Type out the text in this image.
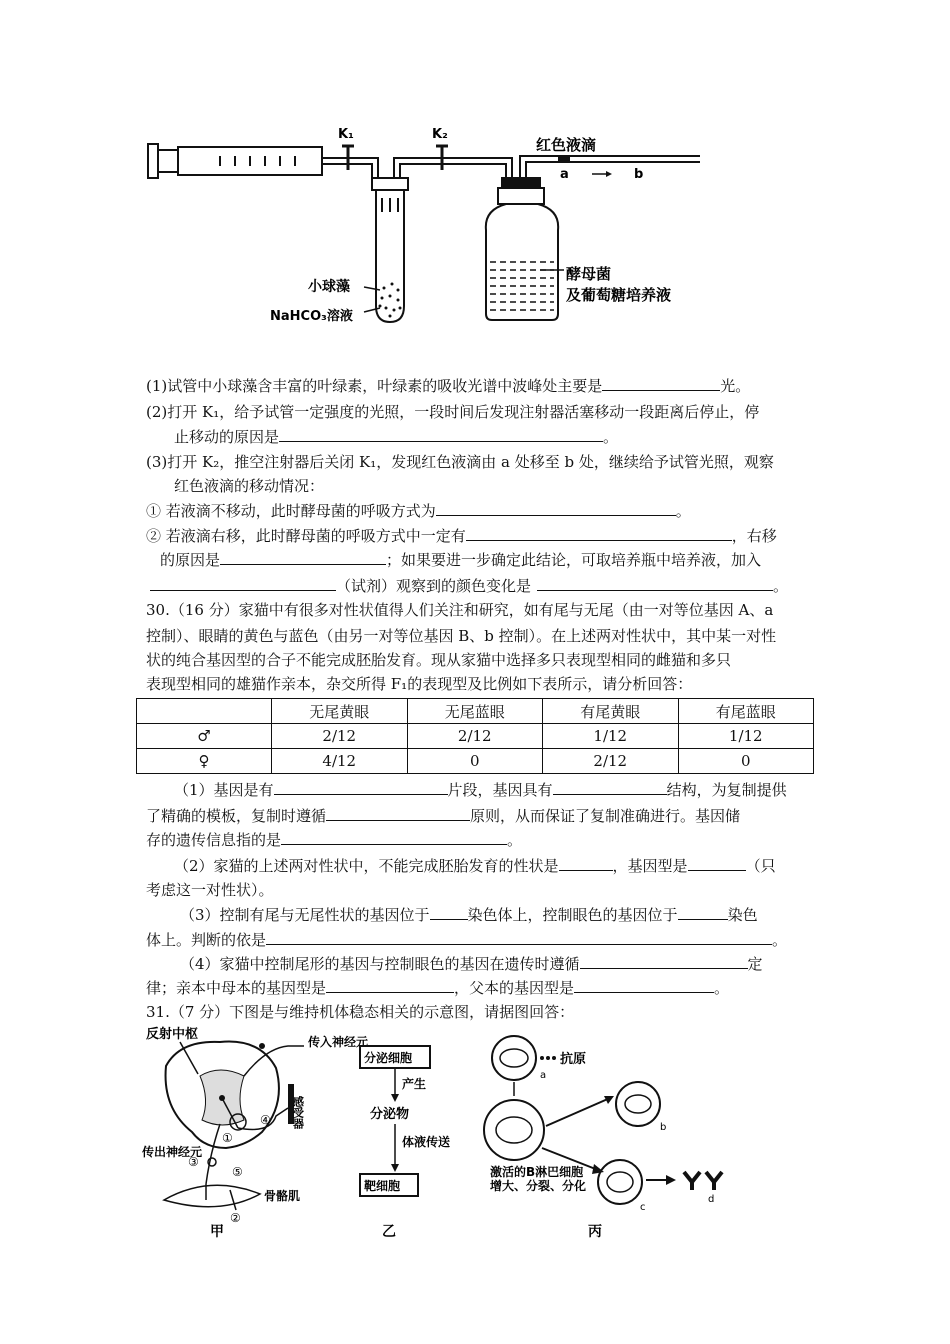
K₁	K₂
小球藻
NaHCO₃溶液
酵母菌
及葡萄糖培养液
红色液滴
a	b
(1)试管中小球藻含丰富的叶绿素，叶绿素的吸收光谱中波峰处主要是	光。
(2)打开 K₁，给予试管一定强度的光照，一段时间后发现注射器活塞移动一段距离后停止，停
止移动的原因是	。
(3)打开 K₂，推空注射器后关闭 K₁，发现红色液滴由 a 处移至 b 处，继续给予试管光照，观察
红色液滴的移动情况：
① 若液滴不移动，此时酵母菌的呼吸方式为	。
② 若液滴右移，此时酵母菌的呼吸方式中一定有	，右移
的原因是	；如果要进一步确定此结论，可取培养瓶中培养液，加入
（试剂）观察到的颜色变化是	。
30.（16 分）家猫中有很多对性状值得人们关注和研究，如有尾与无尾（由一对等位基因 A、a
控制）、眼睛的黄色与蓝色（由另一对等位基因 B、b 控制）。在上述两对性状中，其中某一对性
状的纯合基因型的合子不能完成胚胎发育。现从家猫中选择多只表现型相同的雌猫和多只
表现型相同的雄猫作亲本，杂交所得 F₁的表现型及比例如下表所示，请分析回答：
	无尾黄眼	无尾蓝眼	有尾黄眼	有尾蓝眼
♂	2/12	2/12	1/12	1/12
♀	4/12	0	2/12	0
（1）基因是有	片段，基因具有	结构，为复制提供
了精确的模板，复制时遵循	原则，从而保证了复制准确进行。基因储
存的遗传信息指的是	。
（2）家猫的上述两对性状中，不能完成胚胎发育的性状是	，基因型是	（只
考虑这一对性状）。
（3）控制有尾与无尾性状的基因位于	染色体上，控制眼色的基因位于	染色
体上。判断的依是	。
（4）家猫中控制尾形的基因与控制眼色的基因在遗传时遵循	定
律；亲本中母本的基因型是	，父本的基因型是	。
31.（7 分）下图是与维持机体稳态相关的示意图，请据图回答：
反射中枢	传入神经元
感受器
④
①
传出神经元
③
⑤
②
骨骼肌
甲
分泌细胞
产生
分泌物
体液传送
靶细胞
乙
a
抗原
b
激活的B淋巴细胞
增大、分裂、分化
c
d
丙
